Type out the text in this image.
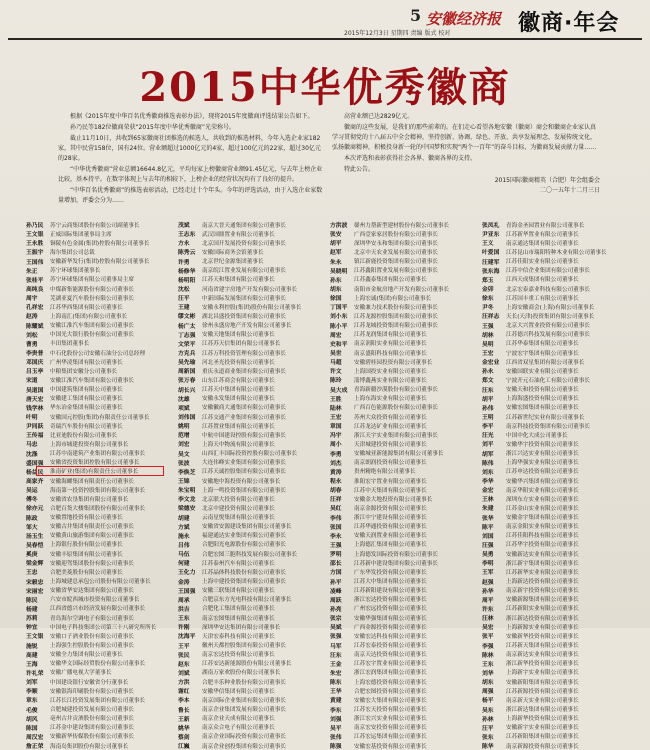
5 安徽经济报
2015年12月3日 星期四 责编 版式 校对	徽商·年会
2015中华优秀徽商

根据《2015年度中华百名优秀徽商推选表彰办法》，现将2015年度徽商评选结果公告如下。

孙乃民等182位徽商荣获“2015年度中华优秀徽商”光荣称号。

截止11月10日，共收到65家徽商社团推选的候选人，共收到的推选材料，今年入选企业家182家，其中民营158位，国有24位。营业额超过1000亿元的4家，超过100亿元的22家，超过30亿元的28家。

“中华优秀徽商”营业总额16644.8亿元，平均每家上榜徽商营业额91.45亿元，与去年上榜企业比较，基本持平。在数字体现上与去年的相较下，上榜企业的经营状况均有了良好的提升。

“中华百名优秀徽商”的推选表彰活动，已经走过十个年头。今年的评选活动，由于入选企业家数量增加，评委会分为……

高营业额已达2829亿元。

徽商的这些发展，是我们的那些前辈的。在们走心看望各地安徽（徽商）商会和徽商企业家认真学习贯彻党的十八届五中全会精神，坚持创新、协调、绿色、开放、共享发展理念，发展传统文化，弘扬徽商精神，积极投身新一轮的中国梦和实现“两个一百年”的奋斗目标，为徽商发展贡献力量……

本次评选和表彰获得社会各界、徽商各界的支持。

特此公告。

2015国际徽商精英（合肥）年会组委会
二〇一五年十二月三日
孙乃民	苏宁云商集团股份有限公司副董事长
王文银	正威国际集团董事局主席
王永胜	铜陵有色金属(集团)控股有限公司董事长
王振宇	海尔集团公司总裁
王国伟	安徽新华发行(集团)控股有限公司董事长
朱正	苏宁环球集团董事长
张桂平	苏宁环球集团有限公司董事局主席
高纯良	中煤新集能源股份有限公司董事长
周宇	芜湖亚夏汽车股份有限公司董事长
孔祥宏	江苏华西集团有限公司董事长
赵涛	上海南汇(集团)有限公司董事长
陈耀斌	安徽江淮汽车集团有限公司董事长
刘松	中国光大银行股份有限公司董事长
曹勇	丰田集团董事长
李贵普	中石化股份公司安徽石油分公司总经理
邓国庆	广州华凌集团有限公司董事长
吕玉亭	中粮集团安徽分公司董事长
宋道	安徽江淮汽车集团有限公司董事长
吴道国	中国建筑集团有限公司董事长
唐天宏	安徽建工集团有限公司董事长
钱学林	华东冶金集团有限公司董事长
叶明	安徽国元控股(集团)有限责任公司董事长
尹同跃	奇瑞汽车股份有限公司董事长
王传福	比亚迪股份有限公司董事长
马忠	上海市城建投资有限公司董事长
沈涤	江苏中南建筑产业集团有限公司董事长
盛国强	安徽省投资集团控股有限公司董事长
杨益民	淮南矿业(集团)有限责任公司董事长
高家齐	安徽海螺集团有限责任公司董事长
吴运	海南第一投资控股集团有限公司董事长
傅冬	安徽省农垦集团有限公司董事长
徐亦元	合肥百货大楼集团股份有限公司董事长
陈政	安徽置地投资有限公司董事长
邹大	安徽古井集团有限责任公司董事长
汤玉生	安徽黄山旅游集团有限公司董事长
吴春恺	上海银行股份有限公司董事长
奚庚	安徽丰原集团有限公司董事长
梁金辉	安徽迎驾集团股份有限公司董事长
王忠	合肥美菱股份有限公司董事长
宋毅忠	上海城建总承包公司股份有限公司董事长
宋丽宏	安徽省华安达集团有限公司董事长
陈民	六安市皖西城市投资有限公司董事长
杨建	江西省德兴市经济发展有限公司董事长
苏莉	青岛海尔空调电子有限公司董事长
钟宜	中国电子科技集团公司第三十八研究所所长
王文银	安徽口子酒业股份有限公司董事长
施锐	上海强生控股股份有限公司董事长
高建	安徽全力集团有限公司董事长
王海	安徽华文国际经贸股份有限公司董事长
许礼荣	安徽广播电视大学董事长
刘军	中国建设银行安徽省分行董事长
李顺	安徽银海印刷股份有限公司董事长
章东	江苏长江投资发展集团有限公司董事长
毛俊	合肥城建投资发展有限公司董事长
胡风	亳州古井贡酒股份有限公司董事长
陈国	江苏金中建设集团有限公司董事长
周汉宏	安徽新华传媒股份有限公司董事长
詹正荣	海南岛集团股份有限公司董事长
茂斌	南京大晋天通集团有限公司董事长
王志东	武汉国鼎置业有限公司董事长
方永	北京国开发展投资有限公司董事长
陈秀云	安徽国际商务会馆董事长
许勇	北京世纪金源集团董事长
杨修华	南京皖江置业发展有限公司董事长
杨明阳	江苏天和集团有限公司董事长
沈松	河南省建宇房地产开发有限公司董事长
汪平	中新国际发展集团有限公司董事长
王建	安徽永利控股(集团)股份有限公司董事长
缪文彬	湖北昌盛投资集团有限公司董事长
杨广太	徐州永盛房地产开发有限公司董事长
丁志强	安徽天地集团有限公司董事长
文荣平	江苏苏天信集团有限公司董事长
方克兵	江苏万科投资管理有限公司董事长
吴先瑜	河北圣光投资有限公司董事长
周新国	重庆永道商业集团有限公司董事长
张万春	山东江苏商会有限公司董事长
胡长兴	江苏天中集团有限公司董事长
沈雄	安徽永发集团有限公司董事长
项斌	安徽徽商大通集团有限公司董事长
刘伟国	江苏交通产业集团有限公司董事长
姚明	江苏置业集团有限公司董事长
范增	中航中国建设控股有限公司董事长
刘宏	上海天中物流有限公司董事长
吴文	山西汇丰国际投资控股有限公司董事长
张波	大连伟峰实业集团有限公司董事长
李焕芝	江苏天诚控股集团有限公司董事长
王锦	安徽地中海投资有限公司董事长
朱宝明	上海一鸣投资集团有限公司董事长
李文龙	北京联大投资有限公司董事长
梁德安	北京中建投资有限公司董事长
胡建	云南星悦集团有限公司董事长
方斌	安徽省安源建设集团有限公司董事长
施永	福建通达实业集团有限公司董事长
吕伟	合肥阳光电源股份有限公司董事长
马伍	合肥宏图三胞科技发展有限公司董事长
何建	江苏泰州汽车有限公司董事长
王化力	江苏晶体科技股份有限公司董事长
金涛	上海中建投资集团有限公司董事长
王国强	安徽三联集团有限公司董事长
周承	合肥京东方光电科技有限公司董事长
洪吉	合肥化工集团有限公司董事长
王东	南京宏图集团有限公司董事长
许刚	深圳华安达集团有限公司董事长
沈海平	天津宏泰科技有限公司董事长
王平	徽州天都控股集团有限公司董事长
张民	南京宏达投资有限公司董事长
赵东	江苏安达新能源股份有限公司董事长
刘斌	湖南万家欢股份有限公司董事长
方洪	合肥丰乐种业股份有限公司董事长
谢红	安徽华信集团有限公司董事长
李本	南京国际企业集团有限公司董事长
鲁长	南京企业集团发展有限公司董事长
王新	南京企业天成有限公司董事长
姚华	南京众合电子有限公司董事长
蔡剑	南京企业国际投资有限公司董事长
江巍	南京企业创投集团有限公司董事长
方洪波	赣州力帮新型建材股份有限公司董事长
张安	广西壹家家居股份有限公司董事长
胡平	深圳华安永和集团有限公司董事长
赵军	北京中天农业发展有限公司董事长
朱永	镇江新鹿投资集团有限公司董事长
吴晓明	江苏鑫阳置业发展有限公司董事长
孙东	江苏鑫泰集团有限公司董事长
胡东	南阳市金航房地产开发有限公司董事长
徐国	上海宏诚(集团)有限公司董事长
丁国平	安徽兼力技术股份有限公司董事长
刘小东	江苏龙源控股集团有限公司董事长
陈小平	江苏龙城投资集团有限公司董事长
周宏	江苏龙润集团有限公司董事长
史和平	南京润阳实业有限公司董事长
吴世	南京盛阳科技有限公司董事长
马超	安徽碧桂园投资有限公司董事长
许文	上海国投实业有限公司董事长
陈玲	淄博鑫燕实业有限公司董事长
吴大成	青海新疆沙漠股份有限公司董事长
王胜	上海东海实业有限公司董事长
陆林	广西百色能源股份有限公司董事长
王宏	苏州大众投资有限公司董事长
章国	江苏龙达矿业有限公司董事长
冯宇	浙江天宇实业集团有限公司董事长
周小	天津城建投资有限公司董事长
李勇	安徽城亚新能源集团有限公司董事长
刘杰	南京朗润投资有限公司董事长
黄涛	贵州精绝有限公司董事长
程永	淮阳宏宇置业有限公司董事长
胡春	江苏中天集团有限公司董事长
汪祥	安徽金大地投资有限公司董事长
吴红	南京金源投资有限公司董事长
李伟	浙江中宁建设有限公司董事长
张国	江苏华通投资有限公司董事长
李永	安徽天润置业有限公司董事长
王强	上海德汇集团有限公司董事长
罗明	上海德发国际投资有限公司董事长
邵长	江苏新中建设集团有限公司董事长
方国	广东华发投资有限公司董事长
孙平	江苏大中集团有限公司董事长
凌峰	江苏新阳建设有限公司董事长
周跃	浙江宏达投资有限公司董事长
孙亮	广州宏远投资有限公司董事长
张宗	安徽华强集团有限公司董事长
吴斌	广西金源投资有限公司董事长
张强	安徽宏达科技有限公司董事长
马军	江苏宏泰投资有限公司董事长
汪东	南京天达投资有限公司董事长
王金	江苏宏宇置业有限公司董事长
朱宏	浙江宏润集团有限公司董事长
陈东	上海宏德投资有限公司董事长
王华	合肥宏图投资有限公司董事长
黄建	安徽宏大集团有限公司董事长
李东	江苏宏天投资有限公司董事长
刘强	浙江宏兴实业有限公司董事长
吴平	南京宏安投资有限公司董事长
张伟	江苏宏运集团有限公司董事长
陈强	安徽宏基投资有限公司董事长
张凤礼	青海金圣园置业有限公司董事长
尹亚东	江苏新华置业有限公司董事长
王义	南京通达集团有限公司董事长
叶爱国	江苏昆山市瑞阳特种木业有限公司董事长
汪建军	江苏佳阳实业有限公司董事长
张东海	江苏中信企业集团有限公司董事长
郑玉	江西天成集团有限公司董事长
金卯	北京宏泰嘉业科技有限公司董事长
徐东	江苏国丰重工有限公司董事长
尹冬	上海安徽商会(上海)有限公司董事长
汪祥志	天长(天津)投资集团有限公司董事长
王强	北京大兴置业投资有限公司董事长
胡林	江苏德兴科技发展有限公司董事长
吴明	江苏华泰集团有限公司董事长
王宏	宁波宏宇集团有限公司董事长
金宏业	江西省双星集团有限公司董事长
孙永	安徽国联实业有限公司董事长
郑文	宁波开元石油化工有限公司董事长
汪东	安徽天和投资有限公司董事长
胡平	上海海盛投资有限公司董事长
孙伟	安徽宏图集团有限公司董事长
王明	江苏新世纪实业有限公司董事长
李平	南京科技投资集团有限公司董事长
汪光	中国中化大成公司董事长
刘平	安徽华宇投资有限公司董事长
胡军	浙江兴达实业有限公司董事长
陈伟	上海华强实业有限公司董事长
刘东	江苏申达投资有限公司董事长
李华	安徽华兴集团有限公司董事长
金宏	南京华阳实业有限公司董事长
王林	深圳东方实业有限公司董事长
朱建	江苏金山实业有限公司董事长
张华	安徽金宇集团有限公司董事长
陈平	南京金阳实业有限公司董事长
刘国	江苏佳阳科技有限公司董事长
汪强	江苏华宇投资有限公司董事长
吴勇	安徽新达实业有限公司董事长
李明	浙江新宇集团有限公司董事长
王军	江苏新华实业有限公司董事长
赵强	上海新达投资有限公司董事长
孙华	南京新宇投资有限公司董事长
周平	安徽新源集团有限公司董事长
许东	江苏新阳实业有限公司董事长
汪林	浙江新达投资有限公司董事长
吴宏	上海新源实业有限公司董事长
张平	安徽新华投资有限公司董事长
李强	江苏新天集团有限公司董事长
陈林	南京新达实业有限公司董事长
王东	浙江新华投资有限公司董事长
刘华	上海新宇实业有限公司董事长
胡东	安徽新阳集团有限公司董事长
周强	江苏新源投资有限公司董事长
杨平	南京新天实业有限公司董事长
吴东	浙江新达集团有限公司董事长
孙林	上海新华投资有限公司董事长
汪平	安徽新宇实业有限公司董事长
张东	江苏新阳集团有限公司董事长
陈华	南京新源投资有限公司董事长
